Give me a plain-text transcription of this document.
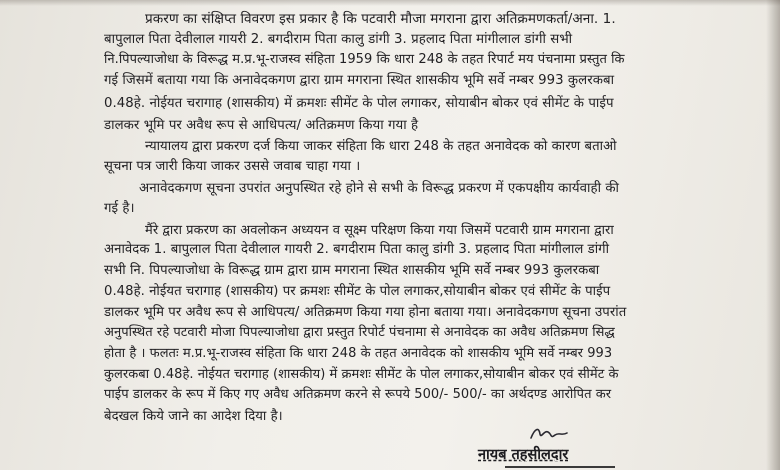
प्रकरण का संक्षिप्त विवरण इस प्रकार है कि पटवारी मौजा मगराना द्वारा अतिक्रमणकर्ता/अना. 1.
बापुलाल पिता देवीलाल गायरी 2. बगदीराम पिता कालु डांगी 3. प्रहलाद पिता मांगीलाल डांगी सभी
नि.पिपल्याजोधा के विरूद्ध म.प्र.भू-राजस्व संहिता 1959 कि धारा 248 के तहत रिपार्ट मय पंचनामा प्रस्तुत कि
गई जिसमें बताया गया कि अनावेदकगण द्वारा ग्राम मगराना स्थित शासकीय भूमि सर्वे नम्बर 993 कुलरकबा
0.48हे. नोईयत चरागाह (शासकीय) में क्रमशः सीमेंट के पोल लगाकर, सोयाबीन बोकर एवं सीमेंट के पाईप
डालकर भूमि पर अवैध रूप से आधिपत्य/ अतिक्रमण किया गया है
न्यायालय द्वारा प्रकरण दर्ज किया जाकर संहिता कि धारा 248 के तहत अनावेदक को कारण बताओ
सूचना पत्र जारी किया जाकर उससे जवाब चाहा गया ।
अनावेदकगण सूचना उपरांत अनुपस्थित रहे होने से सभी के विरूद्ध प्रकरण में एकपक्षीय कार्यवाही की
गई है।
मैंरे द्वारा प्रकरण का अवलोकन अध्ययन व सूक्ष्म परिक्षण किया गया जिसमें पटवारी ग्राम मगराना द्वारा
अनावेदक 1. बापुलाल पिता देवीलाल गायरी 2. बगदीराम पिता कालु डांगी 3. प्रहलाद पिता मांगीलाल डांगी
सभी नि. पिपल्याजोधा के विरूद्ध ग्राम द्वारा ग्राम मगराना स्थित शासकीय भूमि सर्वे नम्बर 993 कुलरकबा
0.48हे. नोईयत चरागाह (शासकीय) पर क्रमशः सीमेंट के पोल लगाकर,सोयाबीन बोकर एवं सीमेंट के पाईप
डालकर भूमि पर अवैध रूप से आधिपत्य/ अतिक्रमण किया गया होना बताया गया। अनावेदकगण सूचना उपरांत
अनुपस्थित रहे पटवारी मोजा पिपल्याजोधा द्वारा प्रस्तुत रिपोर्ट पंचनामा से अनावेदक का अवैध अतिक्रमण सिद्ध
होता है । फलतः म.प्र.भू-राजस्व संहिता कि धारा 248 के तहत अनावेदक को शासकीय भूमि सर्वे नम्बर 993
कुलरकबा 0.48हे. नोईयत चरागाह (शासकीय) में क्रमशः सीमेंट के पोल लगाकर,सोयाबीन बोकर एवं सीमेंट के
पाईप डालकर के रूप में किए गए अवैध अतिक्रमण करने से रूपये 500/- 500/- का अर्थदण्ड आरोपित कर
बेदखल किये जाने का आदेश दिया है।
नायब तहसीलदार
